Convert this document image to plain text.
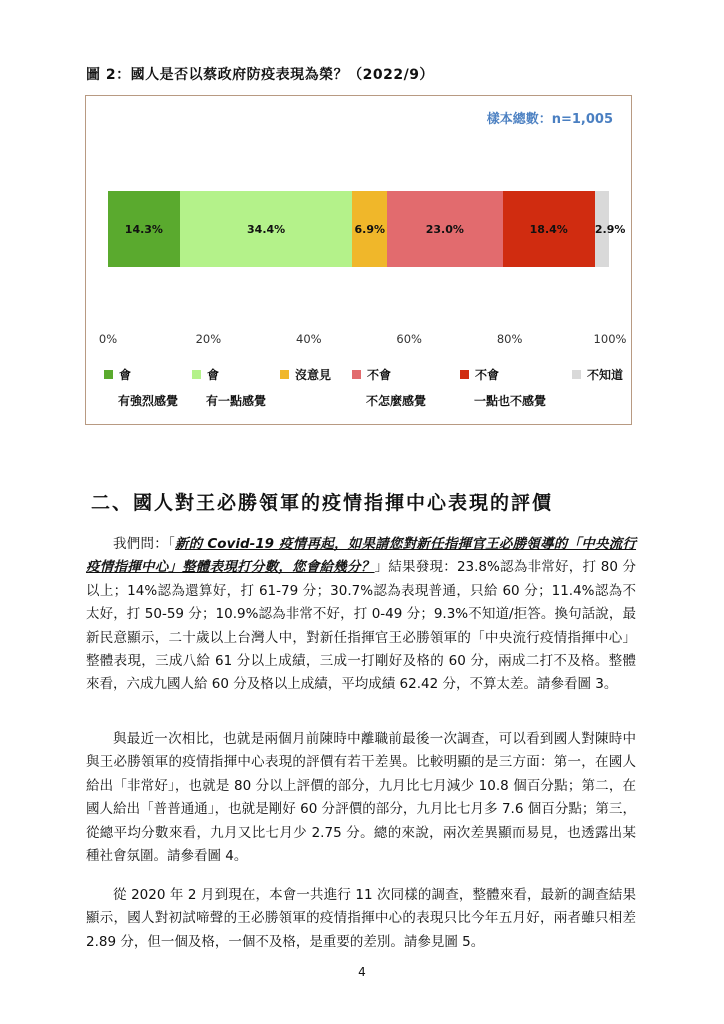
圖 2：國人是否以蔡政府防疫表現為榮？（2022/9）
樣本總數：n=1,005
14.3%	34.4%	6.9%	23.0%	18.4% 2.9%
0%	20%	40%	60%	80%	100%
會
有強烈感覺
會
有一點感覺
沒意見	不會
不怎麼感覺
不會
一點也不感覺
不知道
二、國人對王必勝領軍的疫情指揮中心表現的評價
我們問：「新的 Covid-19 疫情再起，如果請您對新任指揮官王必勝領導的「中央流行疫情指揮中心」整體表現打分數，您會給幾分？」結果發現：23.8%認為非常好，打 80 分以上；14%認為還算好，打 61-79 分；30.7%認為表現普通，只給 60 分；11.4%認為不太好，打 50-59 分；10.9%認為非常不好，打 0-49 分；9.3%不知道/拒答。換句話說，最新民意顯示，二十歲以上台灣人中，對新任指揮官王必勝領軍的「中央流行疫情指揮中心」整體表現，三成八給 61 分以上成績，三成一打剛好及格的 60 分，兩成二打不及格。整體來看，六成九國人給 60 分及格以上成績，平均成績 62.42 分，不算太差。請參看圖 3。
與最近一次相比，也就是兩個月前陳時中離職前最後一次調查，可以看到國人對陳時中與王必勝領軍的疫情指揮中心表現的評價有若干差異。比較明顯的是三方面：第一，在國人給出「非常好」，也就是 80 分以上評價的部分，九月比七月減少 10.8 個百分點；第二，在國人給出「普普通通」，也就是剛好 60 分評價的部分，九月比七月多 7.6 個百分點；第三，從總平均分數來看，九月又比七月少 2.75 分。總的來說，兩次差異顯而易見，也透露出某種社會氛圍。請參看圖 4。
從 2020 年 2 月到現在，本會一共進行 11 次同樣的調查，整體來看，最新的調查結果顯示，國人對初試啼聲的王必勝領軍的疫情指揮中心的表現只比今年五月好，兩者雖只相差 2.89 分，但一個及格，一個不及格，是重要的差別。請參見圖 5。
4
